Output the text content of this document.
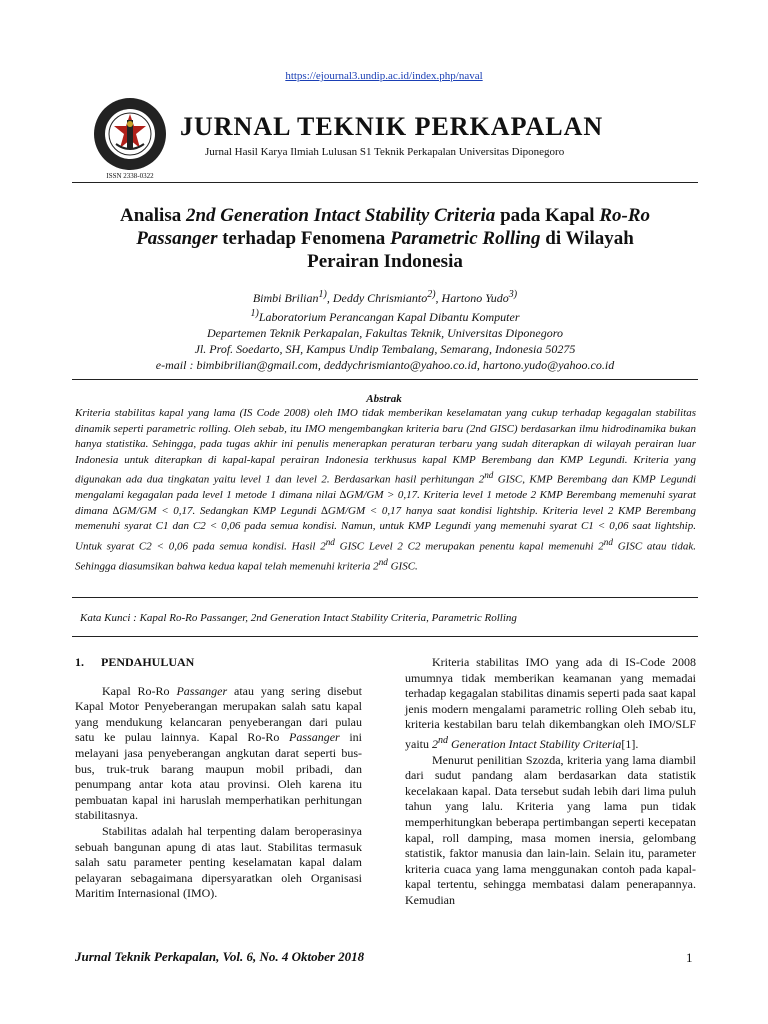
https://ejournal3.undip.ac.id/index.php/naval
ISSN 2338-0322
JURNAL TEKNIK PERKAPALAN
Jurnal Hasil Karya Ilmiah Lulusan S1 Teknik Perkapalan Universitas Diponegoro
Analisa 2nd Generation Intact Stability Criteria pada Kapal Ro-Ro
Passanger terhadap Fenomena Parametric Rolling di Wilayah
Perairan Indonesia
Bimbi Brilian$^{1)}$, Deddy Chrismianto$^{2)}$, Hartono Yudo$^{3)}$
$^{1)}$Laboratorium Perancangan Kapal Dibantu Komputer
Departemen Teknik Perkapalan, Fakultas Teknik, Universitas Diponegoro
Jl. Prof. Soedarto, SH, Kampus Undip Tembalang, Semarang, Indonesia 50275
e-mail : bimbibrilian@gmail.com, deddychrismianto@yahoo.co.id, hartono.yudo@yahoo.co.id
Abstrak

Kriteria stabilitas kapal yang lama (IS Code 2008) oleh IMO tidak memberikan keselamatan yang cukup terhadap kegagalan stabilitas dinamik seperti parametric rolling. Oleh sebab, itu IMO mengembangkan kriteria baru (2nd GISC) berdasarkan ilmu hidrodinamika bukan hanya statistika. Sehingga, pada tugas akhir ini penulis menerapkan peraturan terbaru yang sudah diterapkan di wilayah perairan luar Indonesia untuk diterapkan di kapal-kapal perairan Indonesia terkhusus kapal KMP Berembang dan KMP Legundi. Kriteria yang digunakan ada dua tingkatan yaitu level 1 dan level 2. Berdasarkan hasil perhitungan 2nd GISC, KMP Berembang dan KMP Legundi mengalami kegagalan pada level 1 metode 1 dimana nilai ∆GM/GM > 0,17. Kriteria level 1 metode 2 KMP Berembang memenuhi syarat dimana ∆GM/GM < 0,17. Sedangkan KMP Legundi ∆GM/GM < 0,17 hanya saat kondisi lightship. Kriteria level 2 KMP Berembang memenuhi syarat C1 dan C2 < 0,06 pada semua kondisi. Namun, untuk KMP Legundi yang memenuhi syarat C1 < 0,06 saat lightship. Untuk syarat C2 < 0,06 pada semua kondisi. Hasil 2nd GISC Level 2 C2 merupakan penentu kapal memenuhi 2nd GISC atau tidak. Sehingga diasumsikan bahwa kedua kapal telah memenuhi kriteria 2nd GISC.

Kata Kunci : Kapal Ro-Ro Passanger, 2nd Generation Intact Stability Criteria, Parametric Rolling
1. PENDAHULUAN

Kapal Ro-Ro Passanger atau yang sering disebut Kapal Motor Penyeberangan merupakan salah satu kapal yang mendukung kelancaran penyeberangan dari pulau satu ke pulau lainnya. Kapal Ro-Ro Passanger ini melayani jasa penyeberangan angkutan darat seperti bus-bus, truk-truk barang maupun mobil pribadi, dan penumpang antar kota atau provinsi. Oleh karena itu pembuatan kapal ini haruslah memperhatikan perhitungan stabilitasnya.

Stabilitas adalah hal terpenting dalam beroperasinya sebuah bangunan apung di atas laut. Stabilitas termasuk salah satu parameter penting keselamatan kapal dalam pelayaran sebagaimana dipersyaratkan oleh Organisasi Maritim Internasional (IMO).

Kriteria stabilitas IMO yang ada di IS-Code 2008 umumnya tidak memberikan keamanan yang memadai terhadap kegagalan stabilitas dinamis seperti pada saat kapal jenis modern mengalami parametric rolling Oleh sebab itu, kriteria kestabilan baru telah dikembangkan oleh IMO/SLF yaitu 2nd Generation Intact Stability Criteria[1].

Menurut penilitian Szozda, kriteria yang lama diambil dari sudut pandang alam berdasarkan data statistik kecelakaan kapal. Data tersebut sudah lebih dari lima puluh tahun yang lalu. Kriteria yang lama pun tidak memperhitungkan beberapa pertimbangan seperti kecepatan kapal, roll damping, masa momen inersia, gelombang statistik, faktor manusia dan lain-lain. Selain itu, parameter kriteria cuaca yang lama menggunakan contoh pada kapal-kapal tertentu, sehingga membatasi dalam penerapannya. Kemudian

Jurnal Teknik Perkapalan, Vol. 6, No. 4 Oktober 2018	1
